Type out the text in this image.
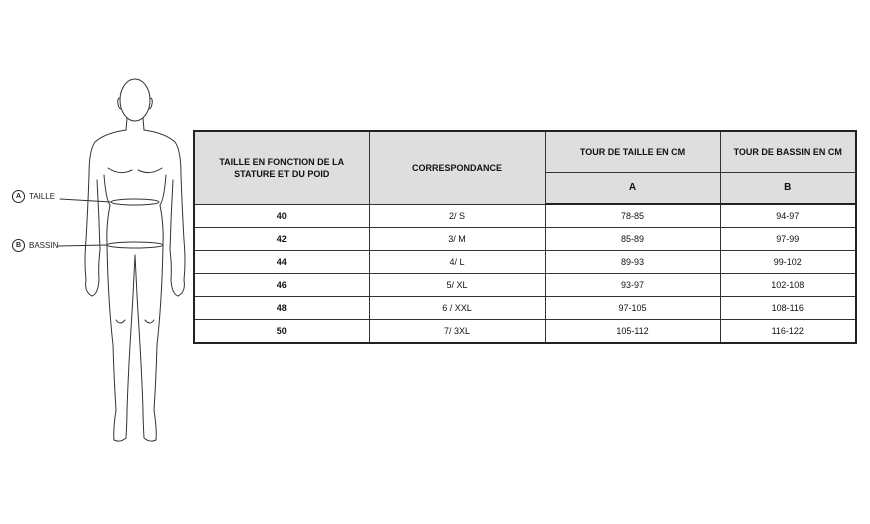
A TAILLE
B BASSIN
TAILLE EN FONCTION DE LA STATURE ET DU POID	CORRESPONDANCE	TOUR DE TAILLE EN CM	TOUR DE BASSIN EN CM
		A	B
40	2/ S	78-85	94-97
42	3/ M	85-89	97-99
44	4/ L	89-93	99-102
46	5/ XL	93-97	102-108
48	6 / XXL	97-105	108-116
50	7/ 3XL	105-112	116-122
